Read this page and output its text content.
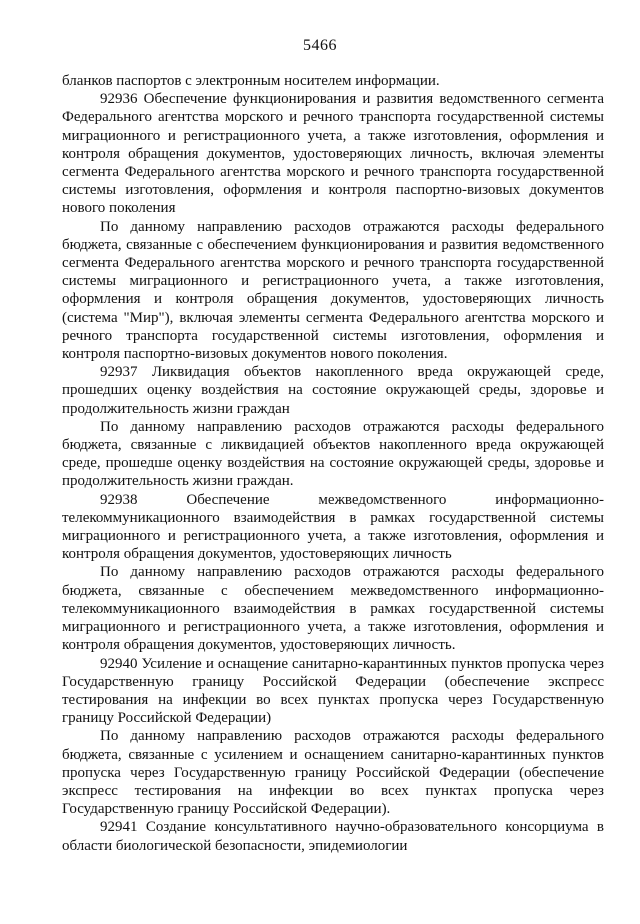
5466

бланков паспортов с электронным носителем информации.

92936 Обеспечение функционирования и развития ведомственного сегмента Федерального агентства морского и речного транспорта государственной системы миграционного и регистрационного учета, а также изготовления, оформления и контроля обращения документов, удостоверяющих личность, включая элементы сегмента Федерального агентства морского и речного транспорта государственной системы изготовления, оформления и контроля паспортно-визовых документов нового поколения

По данному направлению расходов отражаются расходы федерального бюджета, связанные с обеспечением функционирования и развития ведомственного сегмента Федерального агентства морского и речного транспорта государственной системы миграционного и регистрационного учета, а также изготовления, оформления и контроля обращения документов, удостоверяющих личность (система "Мир"), включая элементы сегмента Федерального агентства морского и речного транспорта государственной системы изготовления, оформления и контроля паспортно-визовых документов нового поколения.

92937 Ликвидация объектов накопленного вреда окружающей среде, прошедших оценку воздействия на состояние окружающей среды, здоровье и продолжительность жизни граждан

По данному направлению расходов отражаются расходы федерального бюджета, связанные с ликвидацией объектов накопленного вреда окружающей среде, прошедше оценку воздействия на состояние окружающей среды, здоровье и продолжительность жизни граждан.

92938 Обеспечение межведомственного информационно-телекоммуникационного взаимодействия в рамках государственной системы миграционного и регистрационного учета, а также изготовления, оформления и контроля обращения документов, удостоверяющих личность

По данному направлению расходов отражаются расходы федерального бюджета, связанные с обеспечением межведомственного информационно-телекоммуникационного взаимодействия в рамках государственной системы миграционного и регистрационного учета, а также изготовления, оформления и контроля обращения документов, удостоверяющих личность.

92940 Усиление и оснащение санитарно-карантинных пунктов пропуска через Государственную границу Российской Федерации (обеспечение экспресс тестирования на инфекции во всех пунктах пропуска через Государственную границу Российской Федерации)

По данному направлению расходов отражаются расходы федерального бюджета, связанные с усилением и оснащением санитарно-карантинных пунктов пропуска через Государственную границу Российской Федерации (обеспечение экспресс тестирования на инфекции во всех пунктах пропуска через Государственную границу Российской Федерации).

92941 Создание консультативного научно-образовательного консорциума в области биологической безопасности, эпидемиологии
